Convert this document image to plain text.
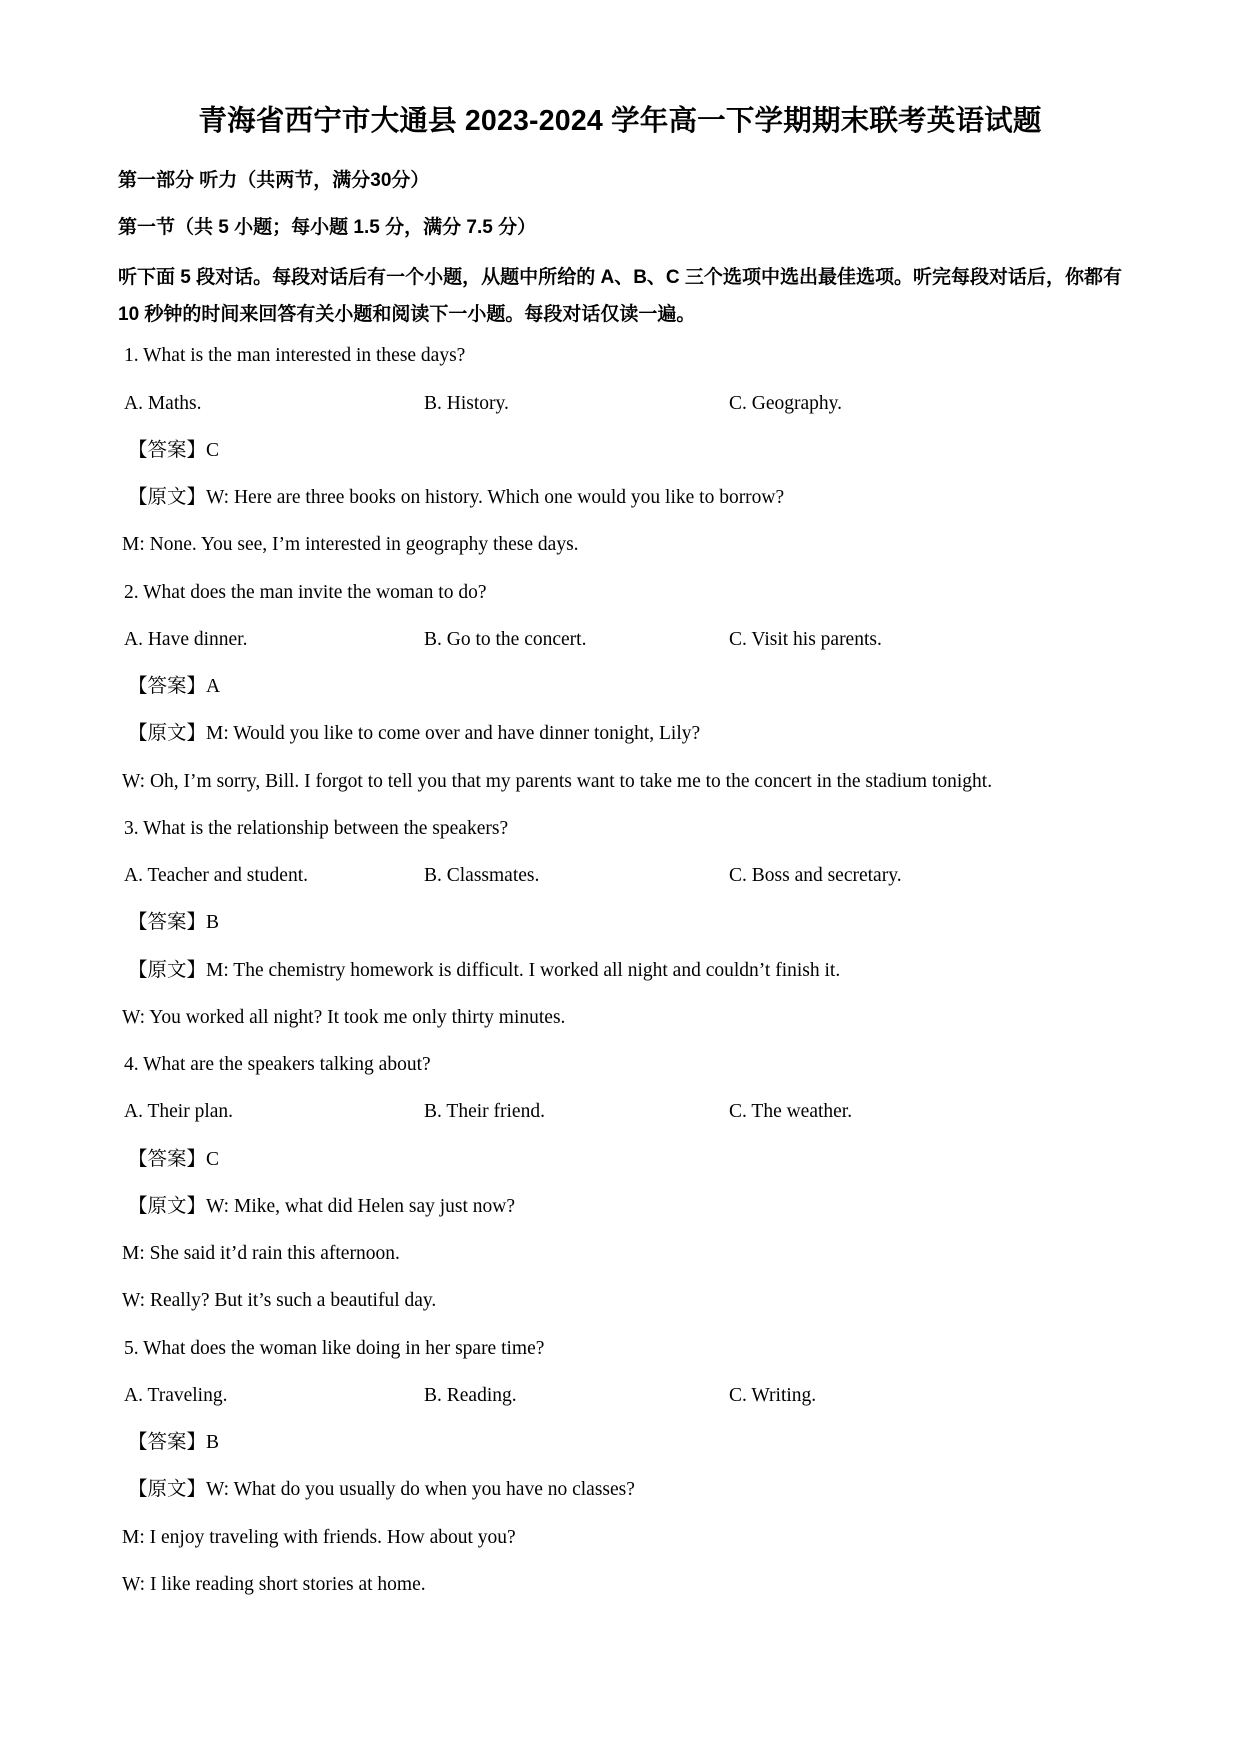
青海省西宁市大通县 2023-2024 学年高一下学期期末联考英语试题

第一部分 听力（共两节，满分30分）

第一节（共 5 小题；每小题 1.5 分，满分 7.5 分）

听下面 5 段对话。每段对话后有一个小题，从题中所给的 A、B、C 三个选项中选出最佳选项。听完每段对话后，你都有 10 秒钟的时间来回答有关小题和阅读下一小题。每段对话仅读一遍。

1. What is the man interested in these days?

A. Maths.	B. History.	C. Geography.

【答案】C

【原文】W: Here are three books on history. Which one would you like to borrow?

M: None. You see, I’m interested in geography these days.

2. What does the man invite the woman to do?

A. Have dinner.	B. Go to the concert.	C. Visit his parents.

【答案】A

【原文】M: Would you like to come over and have dinner tonight, Lily?

W: Oh, I’m sorry, Bill. I forgot to tell you that my parents want to take me to the concert in the stadium tonight.

3. What is the relationship between the speakers?

A. Teacher and student.	B. Classmates.	C. Boss and secretary.

【答案】B

【原文】M: The chemistry homework is difficult. I worked all night and couldn’t finish it.

W: You worked all night? It took me only thirty minutes.

4. What are the speakers talking about?

A. Their plan.	B. Their friend.	C. The weather.

【答案】C

【原文】W: Mike, what did Helen say just now?

M: She said it’d rain this afternoon.

W: Really? But it’s such a beautiful day.

5. What does the woman like doing in her spare time?

A. Traveling.	B. Reading.	C. Writing.

【答案】B

【原文】W: What do you usually do when you have no classes?

M: I enjoy traveling with friends. How about you?

W: I like reading short stories at home.
